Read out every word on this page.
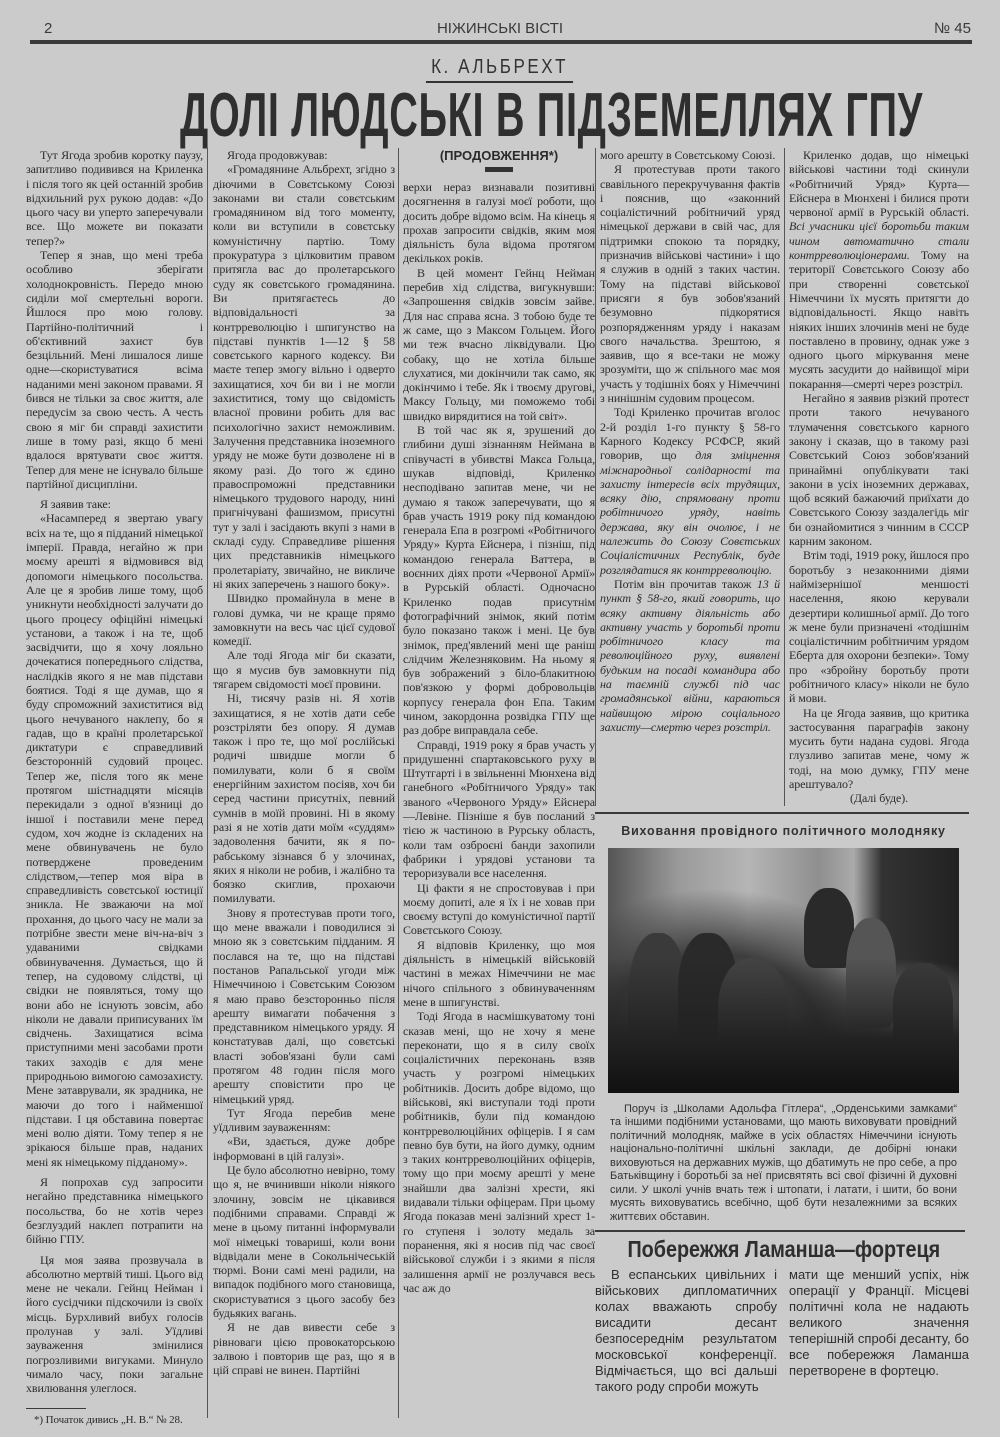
2	НІЖИНСЬКІ ВІСТІ	№ 45
К. АЛЬБРЕХТ
ДОЛІ ЛЮДСЬКІ В ПІДЗЕМЕЛЛЯХ ГПУ

Тут Ягода зробив коротку паузу, запитливо подивився на Криленка і після того як цей останній зробив відхильний рух рукою додав: «До цього часу ви уперто заперечували все. Що можете ви показати тепер?»

Тепер я знав, що мені треба особливо зберігати холоднокровність. Передо мною сиділи мої смертельні вороги. Йшлося про мою голову. Партійно-політичний і об'єктивний захист був безцільний. Мені лишалося лише одне—скористуватися всіма наданими мені законом правами. Я бився не тільки за своє життя, але передусім за свою честь. А честь свою я міг би справді захистити лише в тому разі, якщо б мені вдалося врятувати своє життя. Тепер для мене не існувало більше партійної дисципліни.

Я заявив таке:

«Насамперед я звертаю увагу всіх на те, що я підданий німецької імперії. Правда, негайно ж при моєму арешті я відмовився від допомоги німецького посольства. Але це я зробив лише тому, щоб уникнути необхідності залучати до цього процесу офіційні німецькі установи, а також і на те, щоб засвідчити, що я хочу лояльно дочекатися попереднього слідства, наслідків якого я не мав підстави боятися. Тоді я ще думав, що я буду спроможний захиститися від цього нечуваного наклепу, бо я гадав, що в країні пролетарської диктатури є справедливий безсторонній судовий процес. Тепер же, після того як мене протягом шістнадцяти місяців перекидали з одної в'язниці до іншої і поставили мене перед судом, хоч жодне із складених на мене обвинувачень не було потверджене проведеним слідством,—тепер моя віра в справедливість совєтської юстиції зникла. Не зважаючи на мої прохання, до цього часу не мали за потрібне звести мене віч-на-віч з удаваними свідками обвинувачення. Думається, що й тепер, на судовому слідстві, ці свідки не появляться, тому що вони або не існують зовсім, або ніколи не давали приписуваних їм свідчень. Захищатися всіма приступними мені засобами проти таких заходів є для мене природньою вимогою самозахисту. Мене затаврували, як зрадника, не маючи до того і найменшої підстави. І ця обставина повертає мені волю діяти. Тому тепер я не зрікаюся більше прав, наданих мені як німецькому підданому».

Я попрохав суд запросити негайно представника німецького посольства, бо не хотів через безглуздий наклеп потрапити на бійню ГПУ.

Ця моя заява прозвучала в абсолютно мертвій тиші. Цього від мене не чекали. Гейнц Нейман і його сусідчики підскочили із своїх місць. Бурхливий вибух голосів пролунав у залі. Уїдливі зауваження змінилися погрозливими вигуками. Минуло чимало часу, поки загальне хвилювання улеглося.

*) Початок дивись „Н. В.“ № 28.

Ягода продовжував:

«Громадянине Альбрехт, згідно з діючими в Совєтському Союзі законами ви стали совєтським громадянином від того моменту, коли ви вступили в совєтську комуністичну партію. Тому прокуратура з цілковитим правом притягла вас до пролетарського суду як совєтського громадянина. Ви притягаєтесь до відповідальності за контрреволюцію і шпигунство на підставі пунктів 1—12 § 58 совєтського карного кодексу. Ви маєте тепер змогу вільно і одверто захищатися, хоч би ви і не могли захиститися, тому що свідомість власної провини робить для вас психологічно захист неможливим. Залучення представника іноземного уряду не може бути дозволене ні в якому разі. До того ж єдино правоспроможні представники німецького трудового народу, нині пригнічувані фашизмом, присутні тут у залі і засідають вкупі з нами в складі суду. Справедливе рішення цих представників німецького пролетаріату, звичайно, не викличе ні яких заперечень з нашого боку».

Швидко промайнула в мене в голові думка, чи не краще прямо замовкнути на весь час цієї судової комедії.

Але тоді Ягода міг би сказати, що я мусив був замовкнути під тягарем свідомості моєї провини.

Ні, тисячу разів ні. Я хотів захищатися, я не хотів дати себе розстріляти без опору. Я думав також і про те, що мої рослійські родичі швидше могли б помилувати, коли б я своїм енергійним захистом посіяв, хоч би серед частини присутніх, певний сумнів в моїй провині. Ні в якому разі я не хотів дати моїм «суддям» задоволення бачити, як я по-рабському зізнався б у злочинах, яких я ніколи не робив, і жалібно та боязко скиглив, прохаючи помилувати.

Знову я протестував проти того, що мене вважали і поводилися зі мною як з совєтським підданим. Я послався на те, що на підставі постанов Рапальської угоди між Німеччиною і Совєтським Союзом я маю право безсторонньо після арешту вимагати побачення з представником німецького уряду. Я констатував далі, що совєтські власті зобов'язані були самі протягом 48 годин після мого арешту сповістити про це німецький уряд.

Тут Ягода перебив мене уїдливим зауваженням:

«Ви, здається, дуже добре інформовані в цій галузі».

Це було абсолютно невірно, тому що я, не вчинивши ніколи ніякого злочину, зовсім не цікавився подібними справами. Справді ж мене в цьому питанні інформували мої німецькі товариші, коли вони відвідали мене в Сокольнічеській тюрмі. Вони самі мені радили, на випадок подібного мого становища, скористуватися з цього засобу без будьяких вагань.

Я не дав вивести себе з рівноваги цією провокаторською залвою і повторив ще раз, що я в цій справі не винен. Партійні

(ПРОДОВЖЕННЯ*)

верхи нераз визнавали позитивні досягнення в галузі моєї роботи, що досить добре відомо всім. На кінець я прохав запросити свідків, яким моя діяльність була відома протягом декількох років.

В цей момент Гейнц Нейман перебив хід слідства, вигукнувши: «Запрошення свідків зовсім зайве. Для нас справа ясна. З тобою буде те ж саме, що з Максом Гольцем. Його ми теж вчасно ліквідували. Цю собаку, що не хотіла більше слухатися, ми докінчили так само, як докінчимо і тебе. Як і твоєму другові, Максу Гольцу, ми поможемо тобі швидко вирядитися на той світ».

В той час як я, зрушений до глибини душі зізнанням Неймана в співучасті в убивстві Макса Гольца, шукав відповіді, Криленко несподівано запитав мене, чи не думаю я також заперечувати, що я брав участь 1919 року під командою генерала Епа в розгромі «Робітничого Уряду» Курта Ейснера, і пізніш, під командою генерала Ваттера, в воєнних діях проти «Червоної Армії» в Рурській області. Одночасно Криленко подав присутнім фотографічний знімок, який потім було показано також і мені. Це був знімок, пред'явлений мені ще раніш слідчим Железняковим. На ньому я був зображений з біло-блакитною пов'язкою у формі добровольців корпусу генерала фон Епа. Таким чином, закордонна розвідка ГПУ ще раз добре виправдала себе.

Справді, 1919 року я брав участь у придушенні спартаковського руху в Штутгарті і в звільненні Мюнхена від ганебного «Робітничого Уряду» так званого «Червоного Уряду» Ейснера—Левіне. Пізніше я був посланий з тією ж частиною в Рурську область, коли там озброєні банди захопили фабрики і урядові установи та тероризували все населення.

Ці факти я не спростовував і при моєму допиті, але я їх і не ховав при своєму вступі до комуністичної партії Совєтського Союзу.

Я відповів Криленку, що моя діяльність в німецькій військовій частині в межах Німеччини не має нічого спільного з обвинуваченням мене в шпигунстві.

Тоді Ягода в насмішкуватому тоні сказав мені, що не хочу я мене переконати, що я в силу своїх соціалістичних переконань взяв участь у розгромі німецьких робітників. Досить добре відомо, що військові, які виступали тоді проти робітників, були під командою контрреволюційних офіцерів. І я сам певно був бути, на його думку, одним з таких контрреволюційних офіцерів, тому що при моєму арешті у мене знайшли два залізні хрести, які видавали тільки офіцерам. При цьому Ягода показав мені залізний хрест 1-го ступеня і золоту медаль за поранення, які я носив під час своєї військової служби і з якими я після залишення армії не розлучався весь час аж до

мого арешту в Совєтському Союзі.

Я протестував проти такого свавільного перекручування фактів і пояснив, що «законний соціалістичний робітничий уряд німецької держави в свій час, для підтримки спокою та порядку, призначив військові частини» і що я служив в одній з таких частин. Тому на підставі військової присяги я був зобов'язаний безумовно підкорятися розпорядженням уряду і наказам свого начальства. Зрештою, я заявив, що я все-таки не можу зрозуміти, що ж спільного має моя участь у тодішніх боях у Німеччині з нинішнім судовим процесом.

Тоді Криленко прочитав вголос 2-й розділ 1-го пункту § 58-го Карного Кодексу РСФСР, який говорив, що для зміцнення міжнародньої солідарності та захисту інтересів всіх трудящих, всяку дію, спрямовану проти робітничого уряду, навіть держава, яку він очолює, і не належить до Союзу Совєтських Соціалістичних Республік, буде розглядатися як контрреволюцію.

Потім він прочитав також 13 й пункт § 58-го, який говорить, що всяку активну діяльність або активну участь у боротьбі проти робітничого класу та революційного руху, виявлені будьким на посаді командира або на таємній службі під час громадянської війни, караються найвищою мірою соціального захисту—смертю через розстріл.

Криленко додав, що німецькі військові частини тоді скинули «Робітничий Уряд» Курта—Ейснера в Мюнхені і билися проти червоної армії в Рурській області. Всі учасники цієї боротьби таким чином автоматично стали контрреволюціонерами. Тому на території Совєтського Союзу або при створенні совєтської Німеччини їх мусять притягти до відповідальності. Якщо навіть ніяких інших злочинів мені не буде поставлено в провину, однак уже з одного цього міркування мене мусять засудити до найвищої міри покарання—смерті через розстріл.

Негайно я заявив різкий протест проти такого нечуваного тлумачення совєтського карного закону і сказав, що в такому разі Совєтський Союз зобов'язаний принаймні опублікувати такі закони в усіх іноземних державах, щоб всякий бажаючий приїхати до Совєтського Союзу заздалегідь міг би ознайомитися з чинним в СССР карним законом.

Втім тоді, 1919 року, йшлося про боротьбу з незаконними діями наймізернішої меншості населення, якою керували дезертири колишньої армії. До того ж мене були призначені «тодішнім соціалістичним робітничим урядом Еберта для охорони безпеки». Тому про «збройну боротьбу проти робітничого класу» ніколи не було й мови.

На це Ягода заявив, що критика застосування параграфів закону мусить бути надана судові. Ягода глузливо запитав мене, чому ж тоді, на мою думку, ГПУ мене арештувало?

(Далі буде).

Виховання провідного політичного молодняку
Поруч із „Школами Адольфа Гітлера“, „Орденськими замками“ та іншими подібними установами, що мають виховувати провідний політичний молодняк, майже в усіх областях Німеччини існують національно-політичні шкільні заклади, де добірні юнаки виховуються на державних мужів, що дбатимуть не про себе, а про Батьківщину і боротьбі за неї присвятять всі свої фізичні й духовні сили. У школі учнів вчать теж і штопати, і латати, і шити, бо вони мусять виховуватись всебічно, щоб бути незалежними за всяких життєвих обставин.
Побережжя Ламанша—фортеця
В еспанських цивільних і військових дипломатичних колах вважають спробу висадити десант безпосереднім результатом московської конференції. Відмічається, що всі дальші такого роду спроби можуть
мати ще менший успіх, ніж операції у Франції. Місцеві політичні кола не надають великого значення теперішній спробі десанту, бо все побережжя Ламанша перетворене в фортецю.
